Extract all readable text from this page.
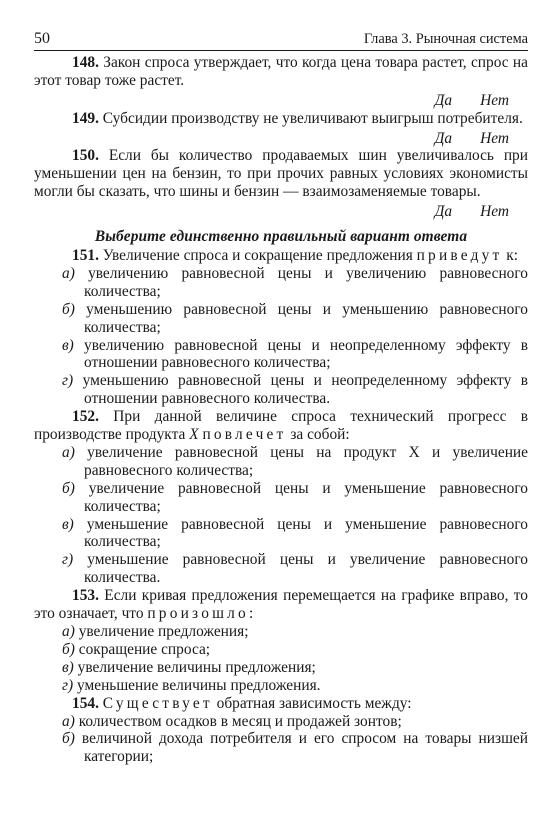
50	Глава 3. Рыночная система

148. Закон спроса утверждает, что когда цена товара растет, спрос на этот товар тоже растет.

Да Нет

149. Субсидии производству не увеличивают выигрыш потребителя.

Да Нет

150. Если бы количество продаваемых шин увеличивалось при уменьшении цен на бензин, то при прочих равных условиях экономисты могли бы сказать, что шины и бензин — взаимозаменяемые товары.

Да Нет

Выберите единственно правильный вариант ответа

151. Увеличение спроса и сокращение предложения приведут к:

а) увеличению равновесной цены и увеличению равновесного количества;

б) уменьшению равновесной цены и уменьшению равновесного количества;

в) увеличению равновесной цены и неопределенному эффекту в отношении равновесного количества;

г) уменьшению равновесной цены и неопределенному эффекту в отношении равновесного количества.

152. При данной величине спроса технический прогресс в производстве продукта X повлечет за собой:

а) увеличение равновесной цены на продукт X и увеличение равновесного количества;

б) увеличение равновесной цены и уменьшение равновесного количества;

в) уменьшение равновесной цены и уменьшение равновесного количества;

г) уменьшение равновесной цены и увеличение равновесного количества.

153. Если кривая предложения перемещается на графике вправо, то это означает, что произошло:

а) увеличение предложения;

б) сокращение спроса;

в) увеличение величины предложения;

г) уменьшение величины предложения.

154. Существует обратная зависимость между:

а) количеством осадков в месяц и продажей зонтов;

б) величиной дохода потребителя и его спросом на товары низшей категории;
